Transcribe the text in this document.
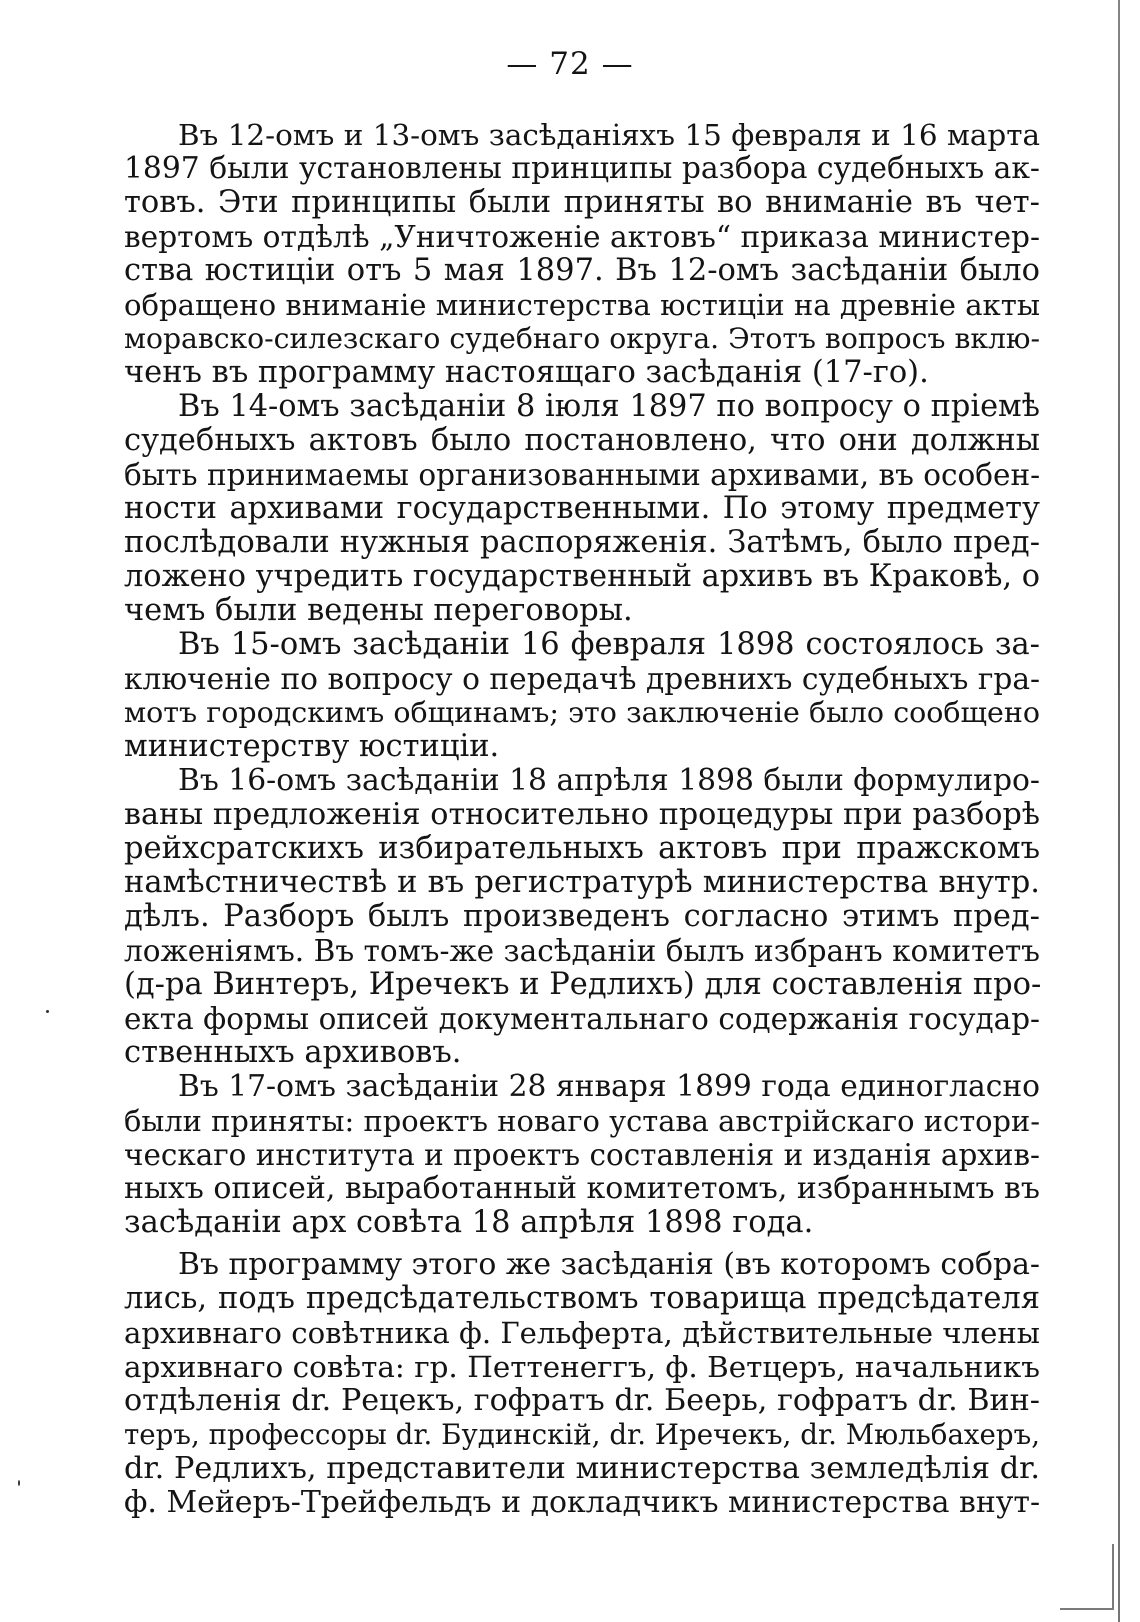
— 72 —
Въ 12-омъ и 13-омъ засѣданіяхъ 15 февраля и 16 марта
1897 были установлены принципы разбора судебныхъ ак-
товъ. Эти принципы были приняты во вниманіе въ чет-
вертомъ отдѣлѣ „Уничтоженіе актовъ“ приказа министер-
ства юстиціи отъ 5 мая 1897. Въ 12-омъ засѣданіи было
обращено вниманіе министерства юстиціи на древніе акты
моравско-силезскаго судебнаго округа. Этотъ вопросъ вклю-
ченъ въ программу настоящаго засѣданія (17-го).
Въ 14-омъ засѣданіи 8 іюля 1897 по вопросу о пріемѣ
судебныхъ актовъ было постановлено, что они должны
быть принимаемы организованными архивами, въ особен-
ности архивами государственными. По этому предмету
послѣдовали нужныя распоряженія. Затѣмъ, было пред-
ложено учредить государственный архивъ въ Краковѣ, о
чемъ были ведены переговоры.
Въ 15-омъ засѣданіи 16 февраля 1898 состоялось за-
ключеніе по вопросу о передачѣ древнихъ судебныхъ гра-
мотъ городскимъ общинамъ; это заключеніе было сообщено
министерству юстиціи.
Въ 16-омъ засѣданіи 18 апрѣля 1898 были формулиро-
ваны предложенія относительно процедуры при разборѣ
рейхсратскихъ избирательныхъ актовъ при пражскомъ
намѣстничествѣ и въ регистратурѣ министерства внутр.
дѣлъ. Разборъ былъ произведенъ согласно этимъ пред-
ложеніямъ. Въ томъ-же засѣданіи былъ избранъ комитетъ
(д-ра Винтеръ, Иречекъ и Редлихъ) для составленія про-
екта формы описей документальнаго содержанія государ-
ственныхъ архивовъ.
Въ 17-омъ засѣданіи 28 января 1899 года единогласно
были приняты: проектъ новаго устава австрійскаго истори-
ческаго института и проектъ составленія и изданія архив-
ныхъ описей, выработанный комитетомъ, избраннымъ въ
засѣданіи арх совѣта 18 апрѣля 1898 года.
Въ программу этого же засѣданія (въ которомъ собра-
лись, подъ предсѣдательствомъ товарища предсѣдателя
архивнаго совѣтника ф. Гельферта, дѣйствительные члены
архивнаго совѣта: гр. Петтенеггъ, ф. Ветцеръ, начальникъ
отдѣленія dr. Рецекъ, гофратъ dr. Беерь, гофратъ dr. Вин-
теръ, профессоры dr. Будинскій, dr. Иречекъ, dr. Мюльбахеръ,
dr. Редлихъ, представители министерства земледѣлія dr.
ф. Мейеръ-Трейфельдъ и докладчикъ министерства внут-
